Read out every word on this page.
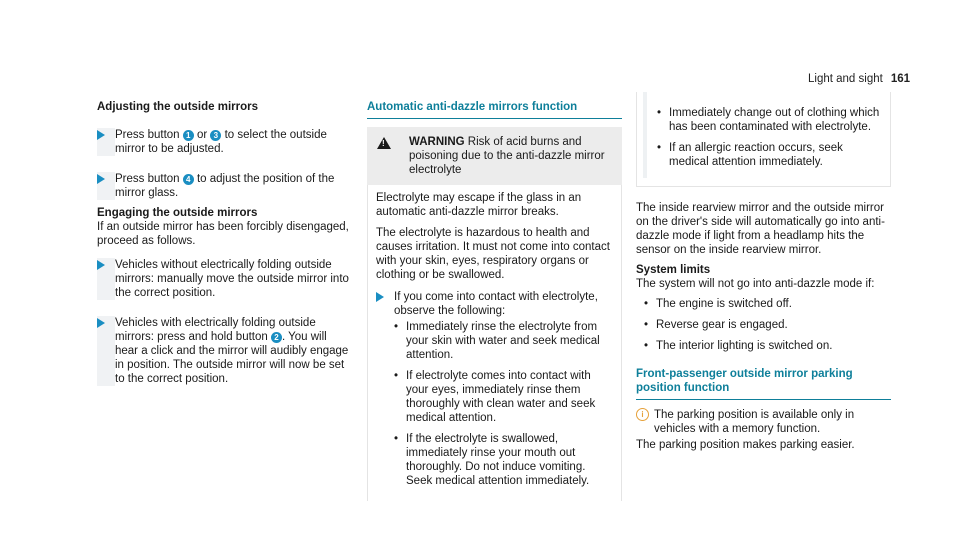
Light and sight 161

Adjusting the outside mirrors

Press button 1 or 3 to select the outside mirror to be adjusted.
Press button 4 to adjust the position of the mirror glass.

Engaging the outside mirrors

If an outside mirror has been forcibly disengaged, proceed as follows.

Vehicles without electrically folding outside mirrors: manually move the outside mirror into the correct position.
Vehicles with electrically folding outside mirrors: press and hold button 2 . You will hear a click and the mirror will audibly engage in position. The outside mirror will now be set to the correct position.
Automatic anti-dazzle mirrors function
!
WARNING Risk of acid burns and poisoning due to the anti-dazzle mirror electrolyte

Electrolyte may escape if the glass in an automatic anti-dazzle mirror breaks.

The electrolyte is hazardous to health and causes irritation. It must not come into contact with your skin, eyes, respiratory organs or clothing or be swallowed.

If you come into contact with electrolyte, observe the following:
• Immediately rinse the electrolyte from your skin with water and seek medical attention.
• If electrolyte comes into contact with your eyes, immediately rinse them thoroughly with clean water and seek medical attention.
• If the electrolyte is swallowed, immediately rinse your mouth out thoroughly. Do not induce vomiting. Seek medical attention immediately.
• Immediately change out of clothing which has been contaminated with electrolyte.
• If an allergic reaction occurs, seek medical attention immediately.

The inside rearview mirror and the outside mirror on the driver's side will automatically go into anti-dazzle mode if light from a headlamp hits the sensor on the inside rearview mirror.

System limits

The system will not go into anti-dazzle mode if:

• The engine is switched off.
• Reverse gear is engaged.
• The interior lighting is switched on.
Front-passenger outside mirror parking position function
i The parking position is available only in vehicles with a memory function.

The parking position makes parking easier.
